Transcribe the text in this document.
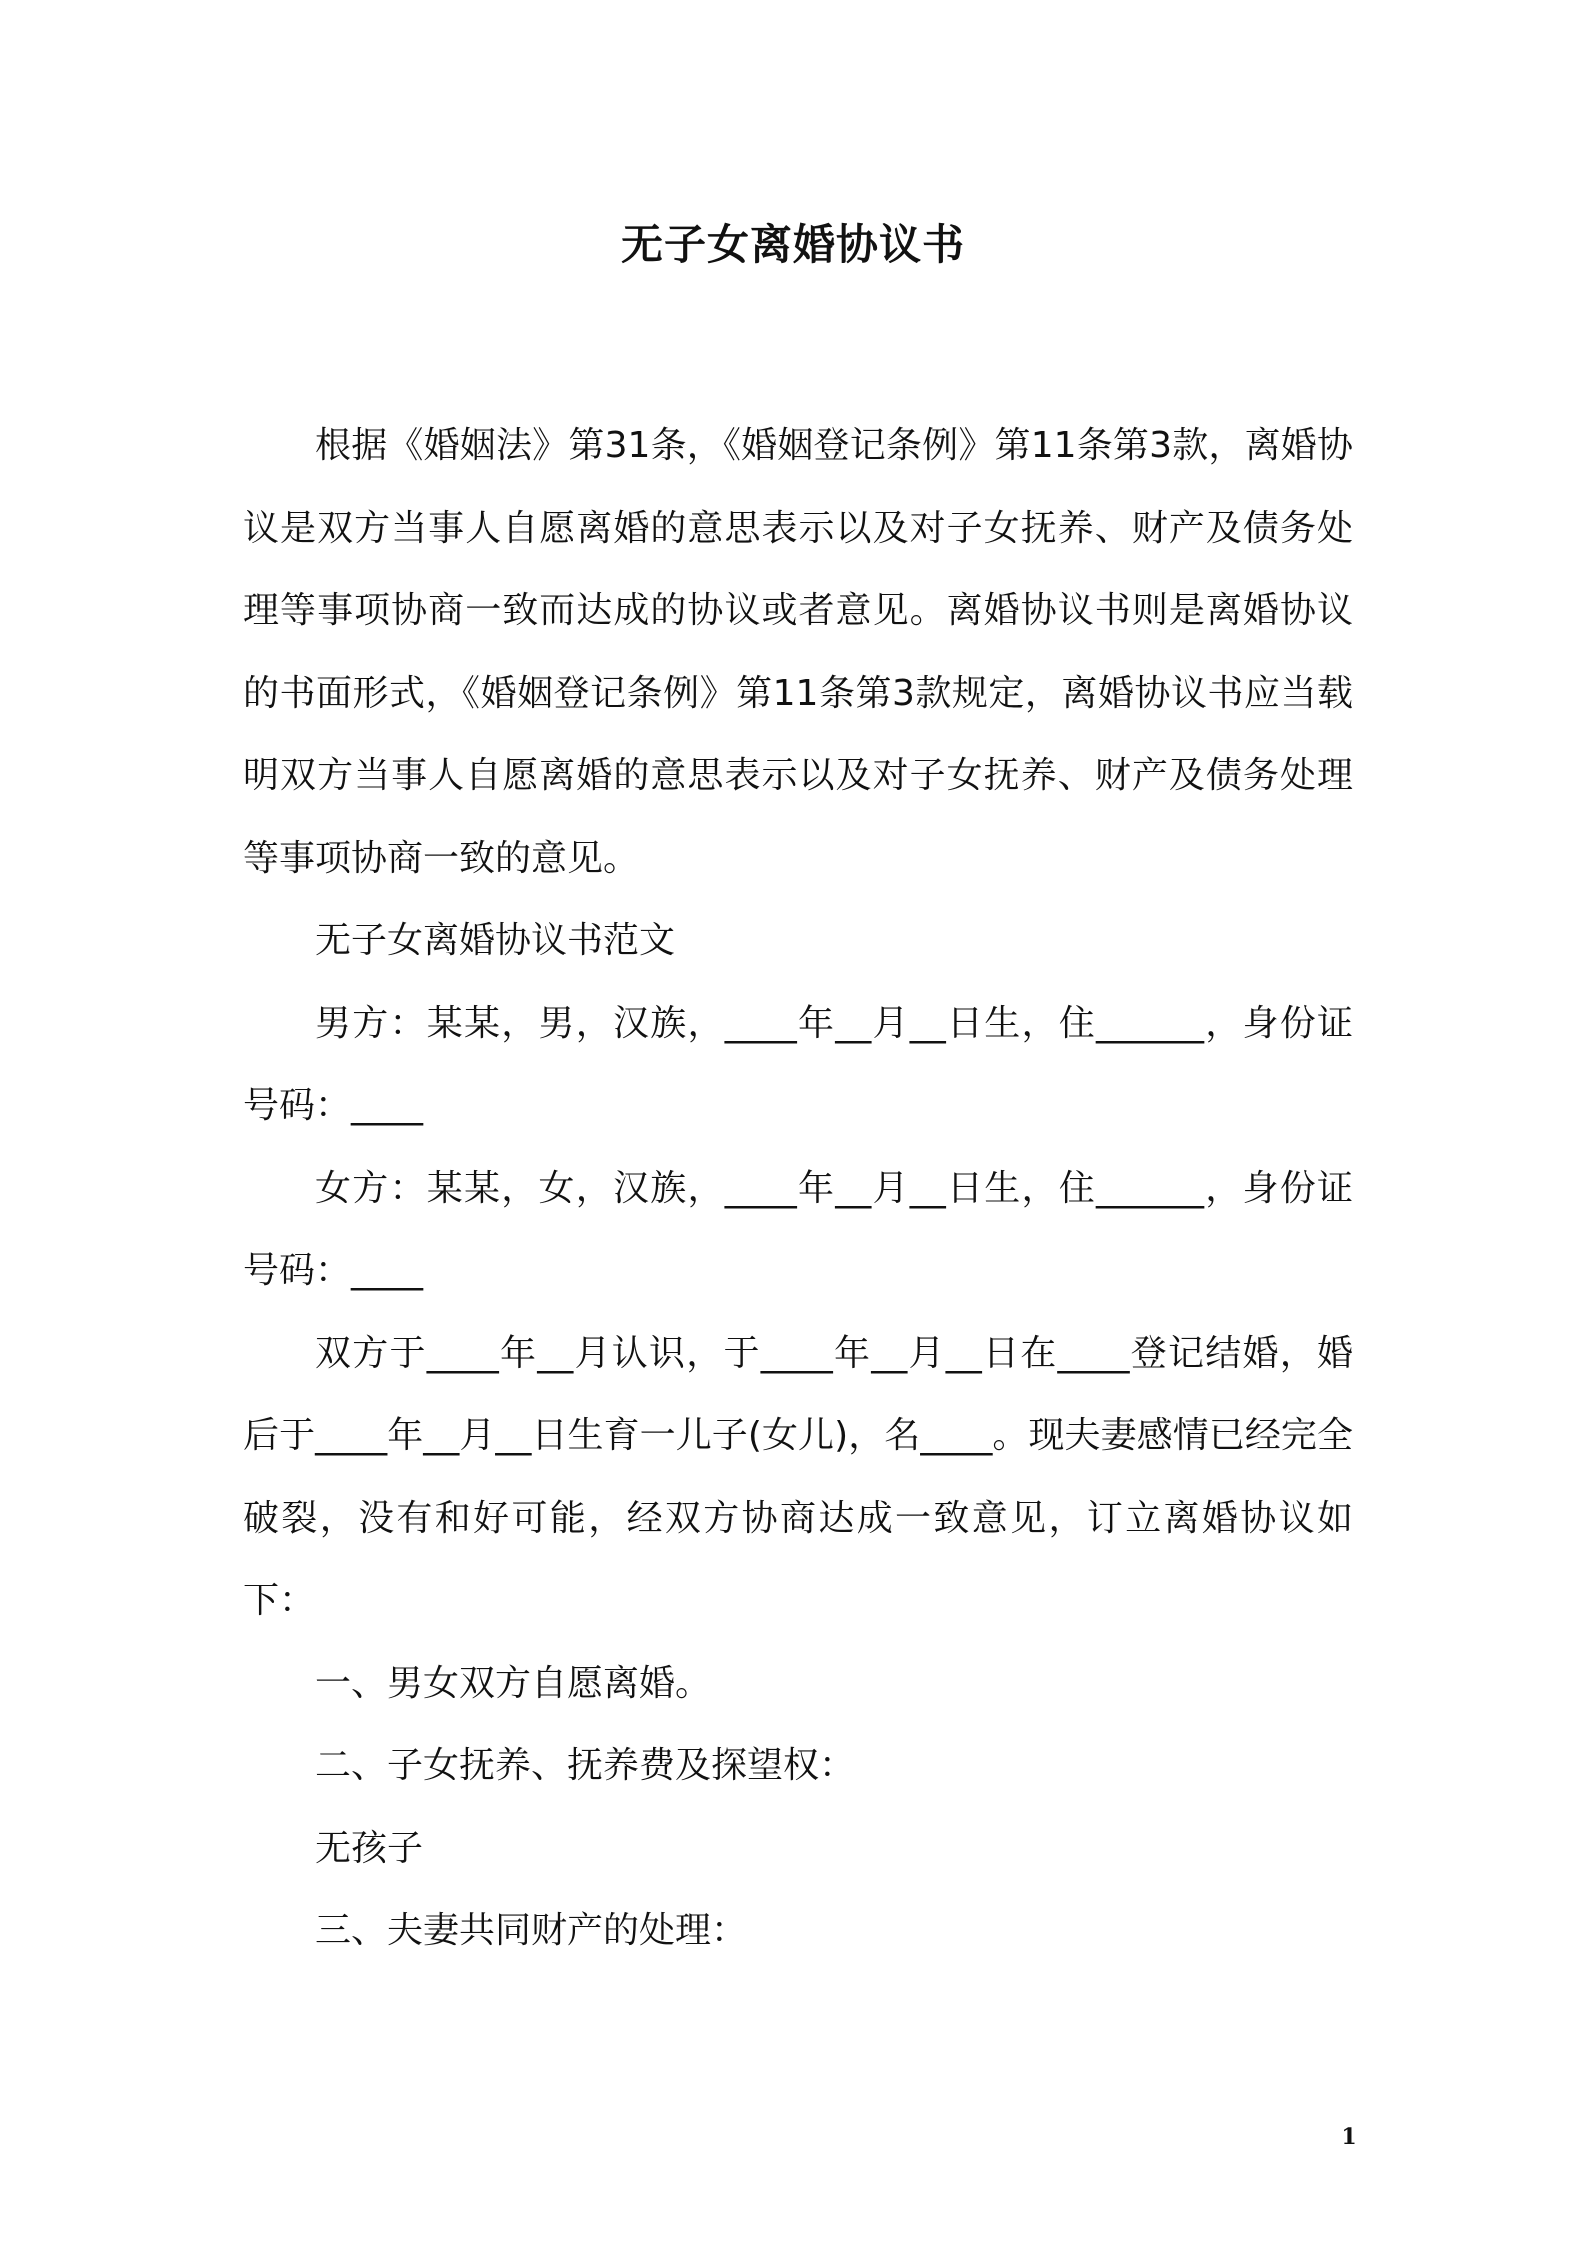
无子女离婚协议书

根据《婚姻法》第31条，《婚姻登记条例》第11条第3款，离婚协议是双方当事人自愿离婚的意思表示以及对子女抚养、财产及债务处理等事项协商一致而达成的协议或者意见。离婚协议书则是离婚协议的书面形式，《婚姻登记条例》第11条第3款规定，离婚协议书应当载明双方当事人自愿离婚的意思表示以及对子女抚养、财产及债务处理等事项协商一致的意见。

无子女离婚协议书范文

男方：某某，男，汉族，____年__月__日生，住______，身份证号码：____

女方：某某，女，汉族，____年__月__日生，住______，身份证号码：____

双方于____年__月认识，于____年__月__日在____登记结婚，婚后于____年__月__日生育一儿子(女儿)，名____。现夫妻感情已经完全破裂，没有和好可能，经双方协商达成一致意见，订立离婚协议如下：

一、男女双方自愿离婚。

二、子女抚养、抚养费及探望权：

无孩子

三、夫妻共同财产的处理：

1
